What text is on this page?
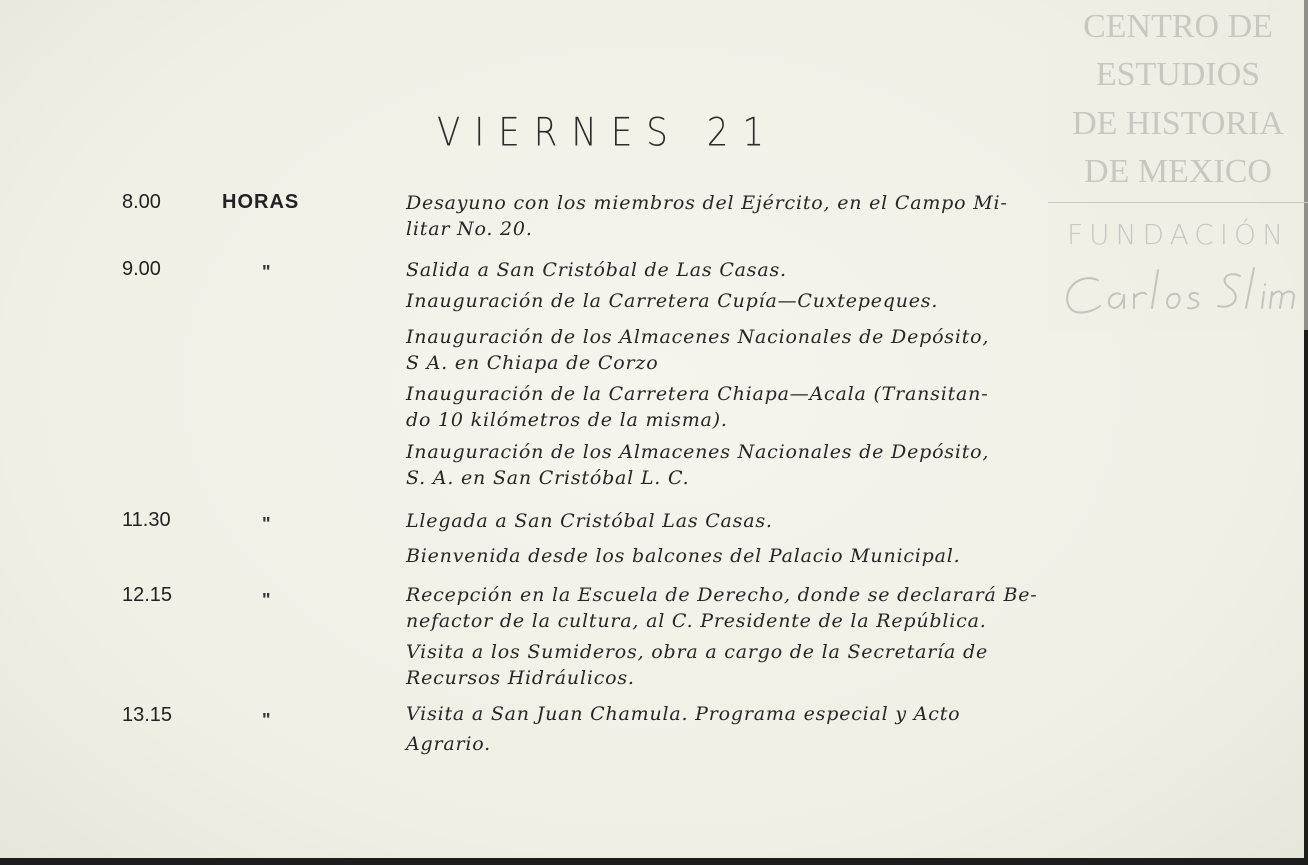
VIERNES 21
8.00	HORAS	Desayuno con los miembros del Ejército, en el Campo Mi-
litar No. 20.
9.00	"	Salida a San Cristóbal de Las Casas.
Inauguración de la Carretera Cupía—Cuxtepeques.
Inauguración de los Almacenes Nacionales de Depósito,
S A. en Chiapa de Corzo
Inauguración de la Carretera Chiapa—Acala (Transitan-
do 10 kilómetros de la misma).
Inauguración de los Almacenes Nacionales de Depósito,
S. A. en San Cristóbal L. C.
11.30	"	Llegada a San Cristóbal Las Casas.
Bienvenida desde los balcones del Palacio Municipal.
12.15	"	Recepción en la Escuela de Derecho, donde se declarará Be-
nefactor de la cultura, al C. Presidente de la República.
Visita a los Sumideros, obra a cargo de la Secretaría de
Recursos Hidráulicos.
13.15	"	Visita a San Juan Chamula. Programa especial y Acto
Agrario.
CENTRO DE
ESTUDIOS
DE HISTORIA
DE MEXICO
FUNDACIÓN
